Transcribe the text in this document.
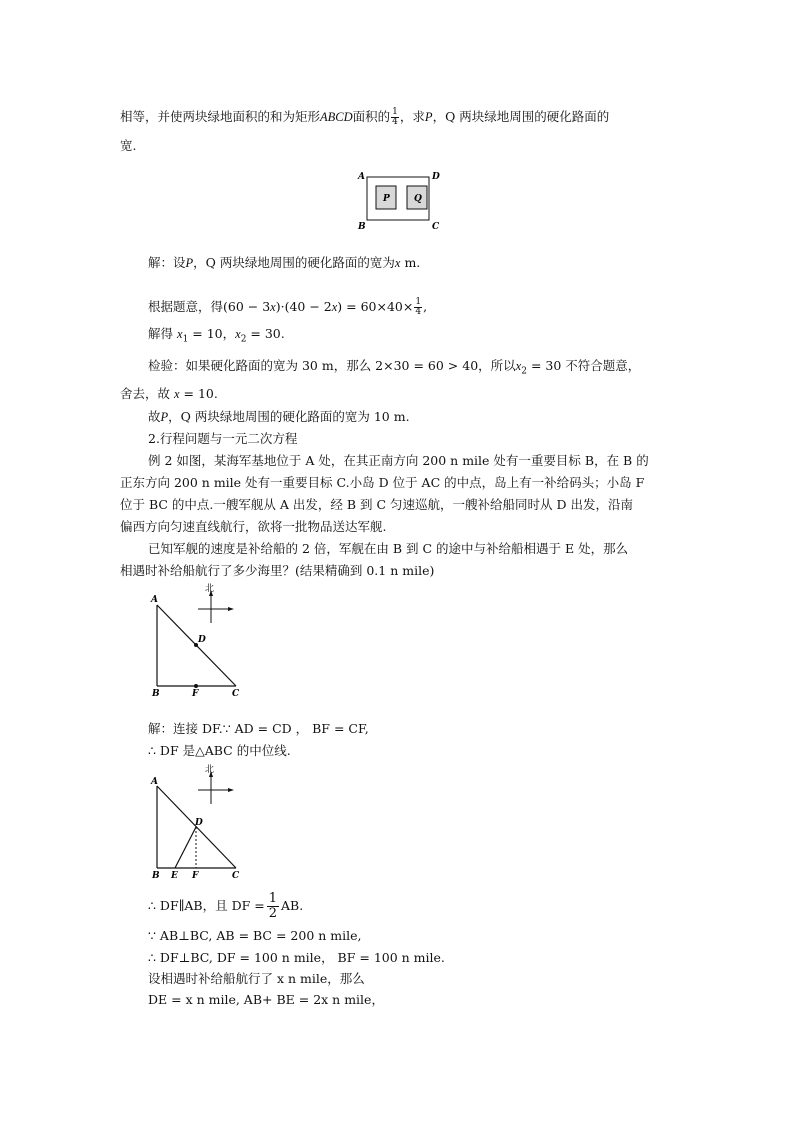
相等，并使两块绿地面积的和为矩形ABCD面积的 $\frac{1}{4}$ ，求P，Q 两块绿地周围的硬化路面的
宽.
A	D
B	C
P	Q
解：设P，Q 两块绿地周围的硬化路面的宽为x m.
根据题意，得$(60 - 3x)\cdot(40 - 2x) = 60\times 40\times \frac{1}{4}$ ,
解得 $x_1 = 10$，$x_2 = 30$.
检验：如果硬化路面的宽为 30 m，那么 2×30 = 60 > 40，所以$x_2 = 30$ 不符合题意，
舍去，故 x = 10.
故P，Q 两块绿地周围的硬化路面的宽为 10 m.
2.行程问题与一元二次方程
例 2 如图，某海军基地位于 A 处，在其正南方向 200 n mile 处有一重要目标 B，在 B 的
正东方向 200 n mile 处有一重要目标 C.小岛 D 位于 AC 的中点，岛上有一补给码头；小岛 F
位于 BC 的中点.一艘军舰从 A 出发，经 B 到 C 匀速巡航，一艘补给船同时从 D 出发，沿南
偏西方向匀速直线航行，欲将一批物品送达军舰.
已知军舰的速度是补给船的 2 倍，军舰在由 B 到 C 的途中与补给船相遇于 E 处，那么
相遇时补给船航行了多少海里？(结果精确到 0.1 n mile)
北
A
D
B	F	C
解：连接 DF.∵ AD = CD ， BF = CF,
∴ DF 是△ABC 的中位线.
北
A
D
B E F	C
∴ DF∥AB，且 DF = $\frac{1}{2}$ AB.
∵ AB⊥BC, AB = BC = 200 n mile,
∴ DF⊥BC, DF = 100 n mile， BF = 100 n mile.
设相遇时补给船航行了 x n mile，那么
DE = x n mile, AB+ BE = 2x n mile，
